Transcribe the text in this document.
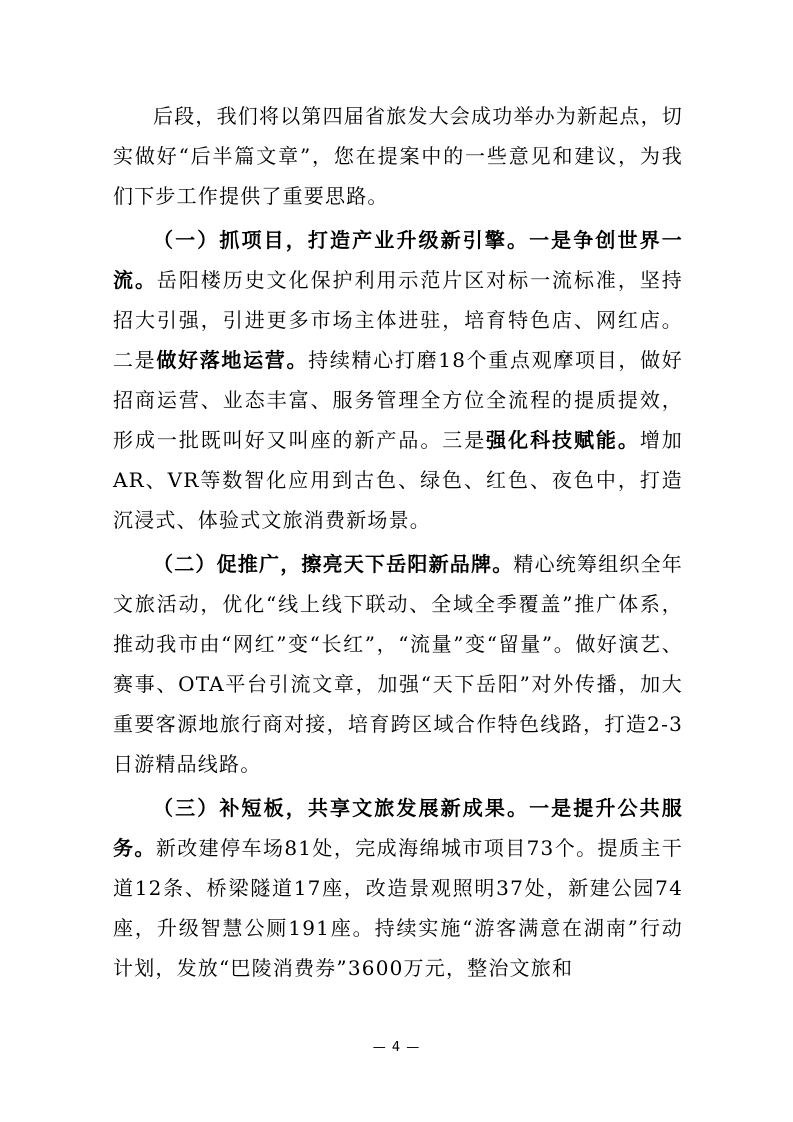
后段，我们将以第四届省旅发大会成功举办为新起点，切实做好“后半篇文章”，您在提案中的一些意见和建议，为我们下步工作提供了重要思路。

（一）抓项目，打造产业升级新引擎。一是争创世界一流。岳阳楼历史文化保护利用示范片区对标一流标准，坚持招大引强，引进更多市场主体进驻，培育特色店、网红店。二是做好落地运营。持续精心打磨18个重点观摩项目，做好招商运营、业态丰富、服务管理全方位全流程的提质提效，形成一批既叫好又叫座的新产品。三是强化科技赋能。增加AR、VR等数智化应用到古色、绿色、红色、夜色中，打造沉浸式、体验式文旅消费新场景。

（二）促推广，擦亮天下岳阳新品牌。精心统筹组织全年文旅活动，优化“线上线下联动、全域全季覆盖”推广体系，推动我市由“网红”变“长红”，“流量”变“留量”。做好演艺、赛事、OTA平台引流文章，加强“天下岳阳”对外传播，加大重要客源地旅行商对接，培育跨区域合作特色线路，打造2-3日游精品线路。

（三）补短板，共享文旅发展新成果。一是提升公共服务。新改建停车场81处，完成海绵城市项目73个。提质主干道12条、桥梁隧道17座，改造景观照明37处，新建公园74座，升级智慧公厕191座。持续实施“游客满意在湖南”行动计划，发放“巴陵消费券”3600万元，整治文旅和

— 4 —
